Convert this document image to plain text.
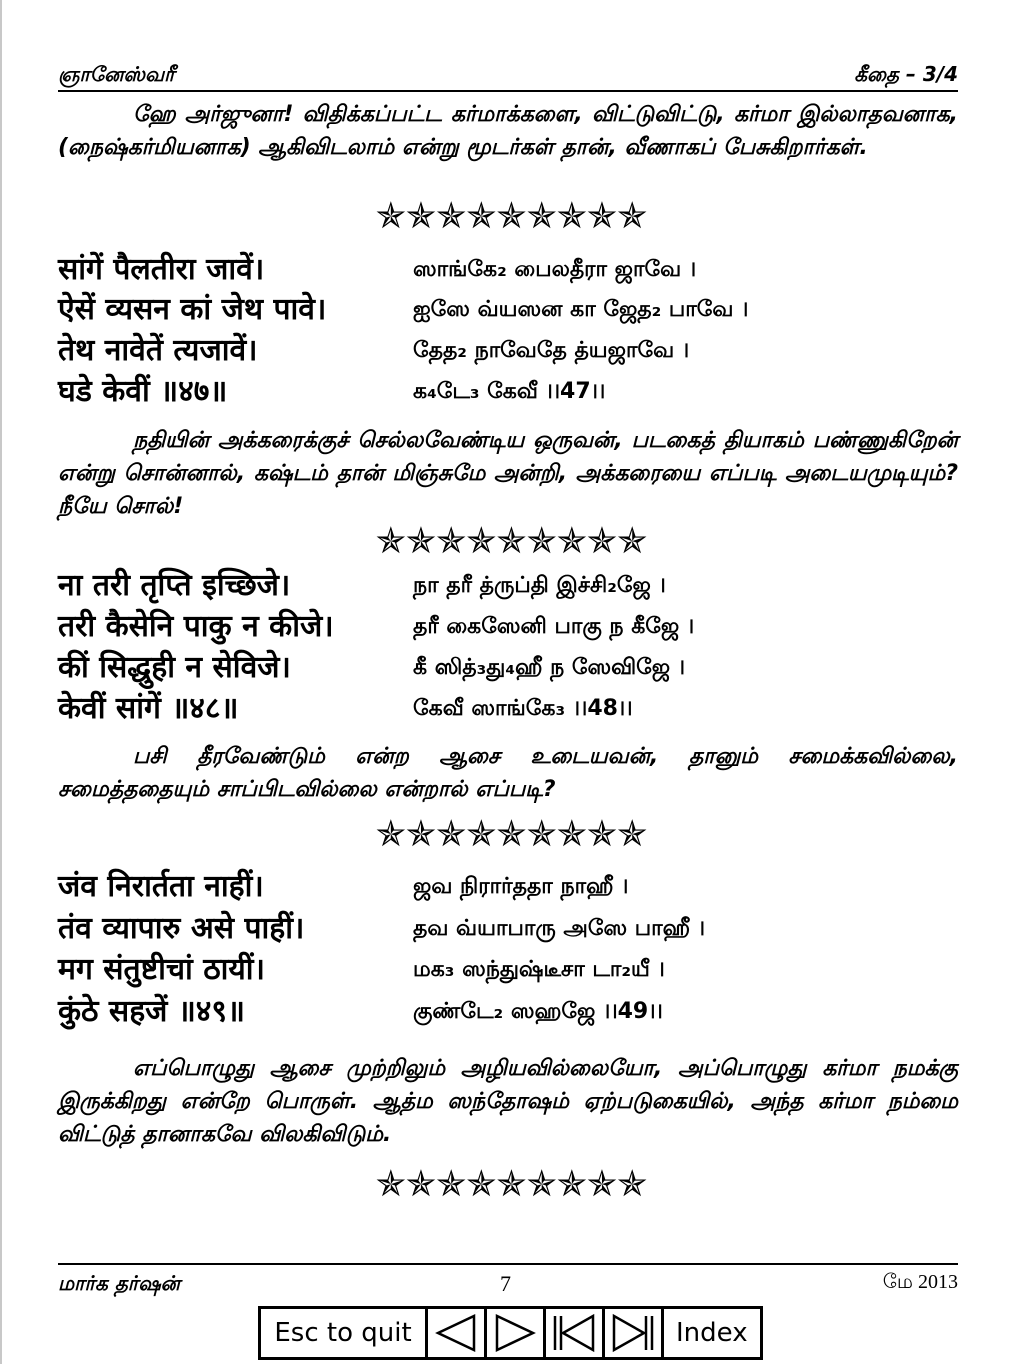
ஞானேஸ்வரீ	கீதை – 3/4

ஹே அர்ஜுனா! விதிக்கப்பட்ட கர்மாக்களை, விட்டுவிட்டு, கர்மா இல்லாதவனாக, (நைஷ்கர்மியனாக) ஆகிவிடலாம் என்று மூடர்கள் தான், வீணாகப் பேசுகிறார்கள்.

✯✯✯✯✯✯✯✯✯
सांगें पैलतीरा जावें।	ஸாங்கே₂ பைலதீரா ஜாவே ।
ऐसें व्यसन कां जेथ पावे।	ஐஸே வ்யஸன கா ஜேத₂ பாவே ।
तेथ नावेतें त्यजावें।	தேத₂ நாவேதே த்யஜாவே ।
घडे केवीं ॥४७॥	க₄டே₃ கேவீ ।।47।।

நதியின் அக்கரைக்குச் செல்லவேண்டிய ஒருவன், படகைத் தியாகம் பண்ணுகிறேன் என்று சொன்னால், கஷ்டம் தான் மிஞ்சுமே அன்றி, அக்கரையை எப்படி அடையமுடியும்? நீயே சொல்!

✯✯✯✯✯✯✯✯✯
ना तरी तृप्ति इच्छिजे।	நா தரீ த்ருப்தி இச்சி₂ஜே ।
तरी कैसेनि पाकु न कीजे।	தரீ கைஸேனி பாகு ந கீஜே ।
कीं सिद्धुही न सेविजे।	கீ ஸித்₃து₄ஹீ ந ஸேவிஜே ।
केवीं सांगें ॥४८॥	கேவீ ஸாங்கே₃ ।।48।।

பசி தீரவேண்டும் என்ற ஆசை உடையவன், தானும் சமைக்கவில்லை, சமைத்ததையும் சாப்பிடவில்லை என்றால் எப்படி?

✯✯✯✯✯✯✯✯✯
जंव निरार्तता नाहीं।	ஜவ நிரார்ததா நாஹீ ।
तंव व्यापारु असे पाहीं।	தவ வ்யாபாரு அஸே பாஹீ ।
मग संतुष्टीचां ठायीं।	மக₃ ஸந்துஷ்டீசா டா₂யீ ।
कुंठे सहजें ॥४९॥	குண்டே₂ ஸஹஜே ।।49।।

எப்பொழுது ஆசை முற்றிலும் அழியவில்லையோ, அப்பொழுது கர்மா நமக்கு இருக்கிறது என்றே பொருள். ஆத்ம ஸந்தோஷம் ஏற்படுகையில், அந்த கர்மா நம்மை விட்டுத் தானாகவே விலகிவிடும்.

✯✯✯✯✯✯✯✯✯
மார்க தர்ஷன்	7	மே 2013
Esc to quit	Index
